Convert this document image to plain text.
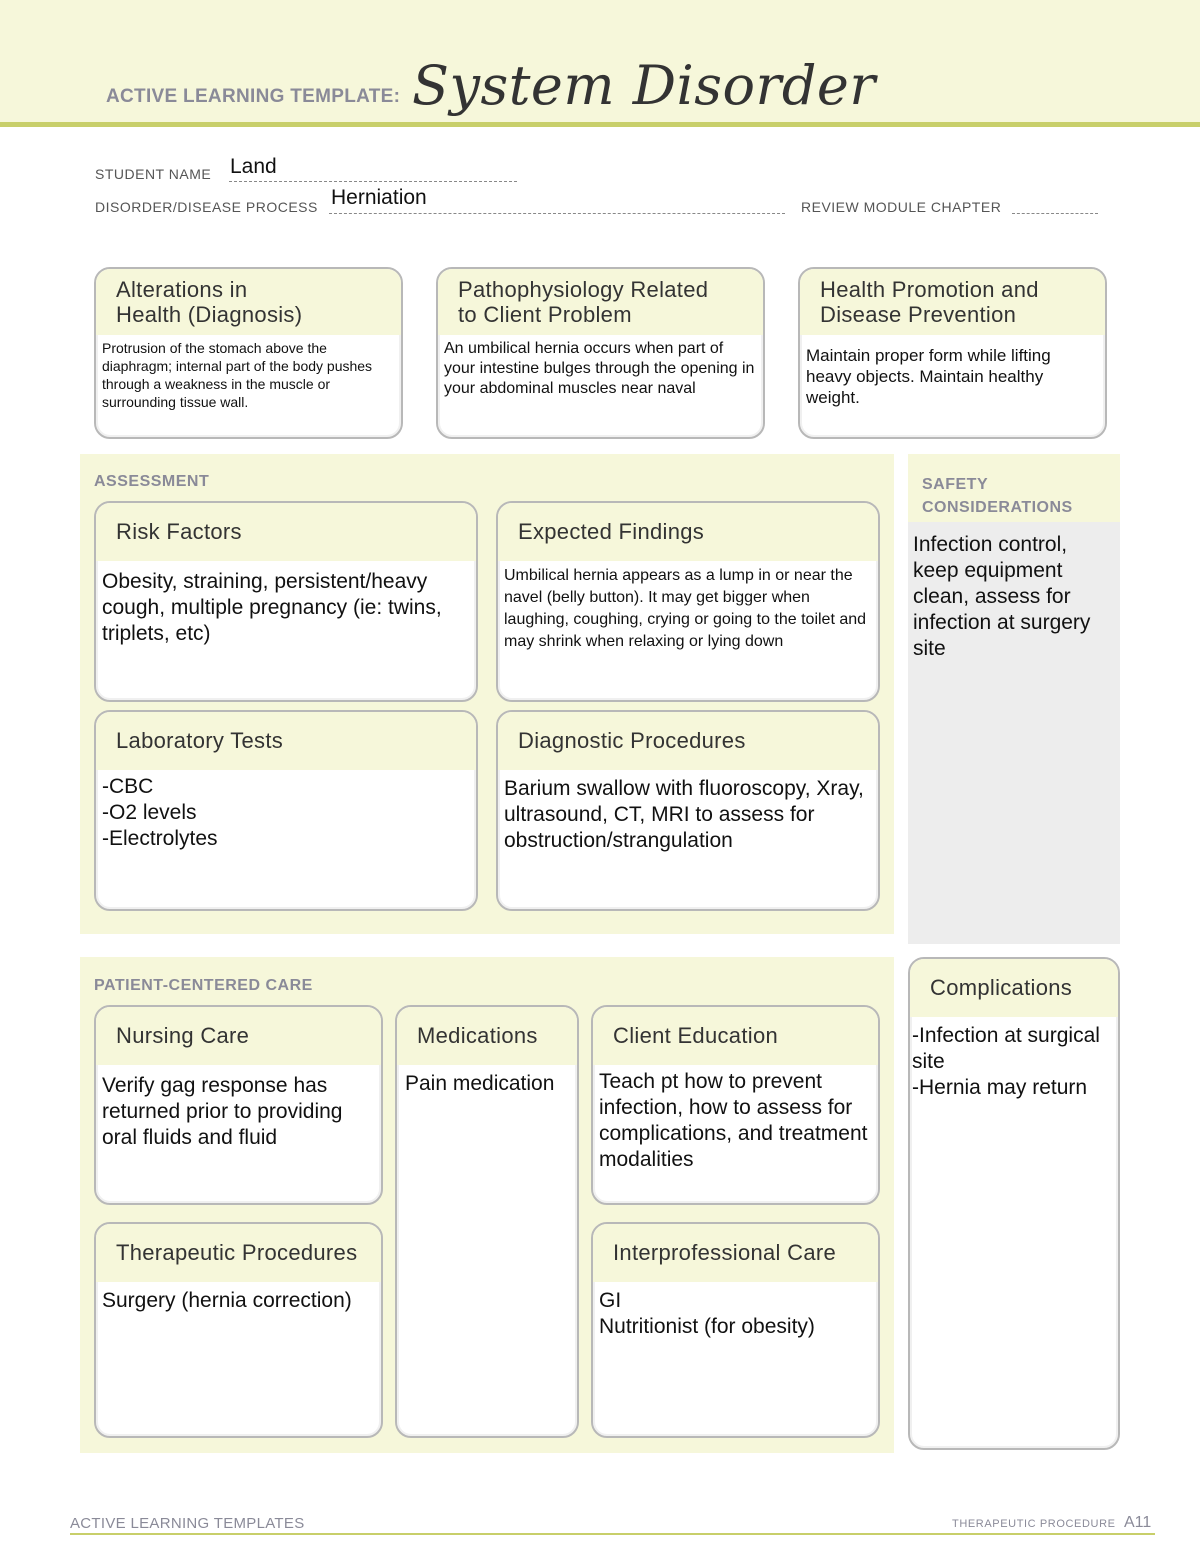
ACTIVE LEARNING TEMPLATE: System Disorder
STUDENT NAME Land
DISORDER/DISEASE PROCESS Herniation	REVIEW MODULE CHAPTER
Alterations in
Health (Diagnosis)
Protrusion of the stomach above the diaphragm; internal part of the body pushes through a weakness in the muscle or surrounding tissue wall.
Pathophysiology Related
to Client Problem
An umbilical hernia occurs when part of your intestine bulges through the opening in your abdominal muscles near naval
Health Promotion and
Disease Prevention
Maintain proper form while lifting heavy objects. Maintain healthy weight.
ASSESSMENT
Risk Factors
Obesity, straining, persistent/heavy cough, multiple pregnancy (ie: twins, triplets, etc)
Expected Findings
Umbilical hernia appears as a lump in or near the navel (belly button). It may get bigger when laughing, coughing, crying or going to the toilet and may shrink when relaxing or lying down
Laboratory Tests
-CBC
-O2 levels
-Electrolytes
Diagnostic Procedures
Barium swallow with fluoroscopy, Xray, ultrasound, CT, MRI to assess for obstruction/strangulation
SAFETY
CONSIDERATIONS
Infection control, keep equipment clean, assess for infection at surgery site
PATIENT-CENTERED CARE
Nursing Care
Verify gag response has returned prior to providing oral fluids and fluid
Medications
Pain medication
Client Education
Teach pt how to prevent infection, how to assess for complications, and treatment modalities
Therapeutic Procedures
Surgery (hernia correction)
Interprofessional Care
GI
Nutritionist (for obesity)
Complications
-Infection at surgical site
-Hernia may return
ACTIVE LEARNING TEMPLATES	THERAPEUTIC PROCEDURE A11
